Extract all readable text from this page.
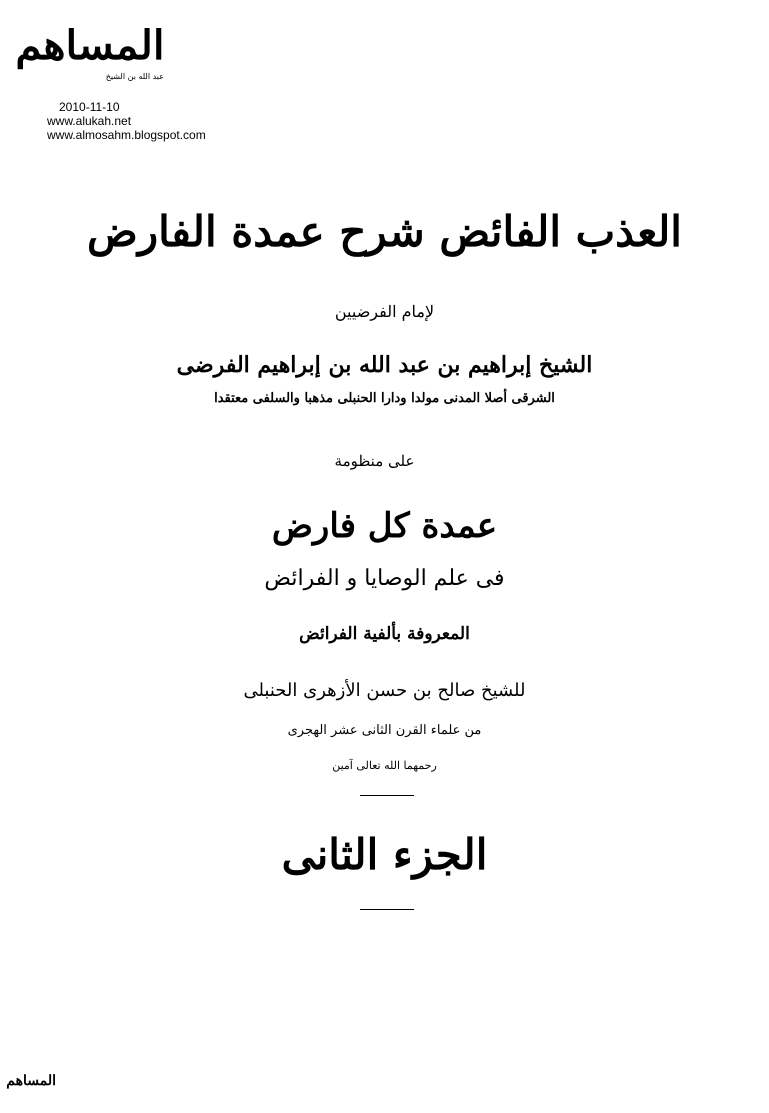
المساهم
عبد الله بن الشيخ
2010-11-10
www.alukah.net
www.almosahm.blogspot.com
العذب الفائض شرح عمدة الفارض
لإمام الفرضيين
الشيخ إبراهيم بن عبد الله بن إبراهيم الفرضى
الشرقى أصلا المدنى مولدا ودارا الحنبلى مذهبا والسلفى معتقدا
على منظومة
عمدة كل فارض
فى علم الوصايا و الفرائض
المعروفة بألفية الفرائض
للشيخ صالح بن حسن الأزهرى الحنبلى
من علماء القرن الثانى عشر الهجرى
رحمهما الله تعالى آمين
الجزء الثانى
المساهم
